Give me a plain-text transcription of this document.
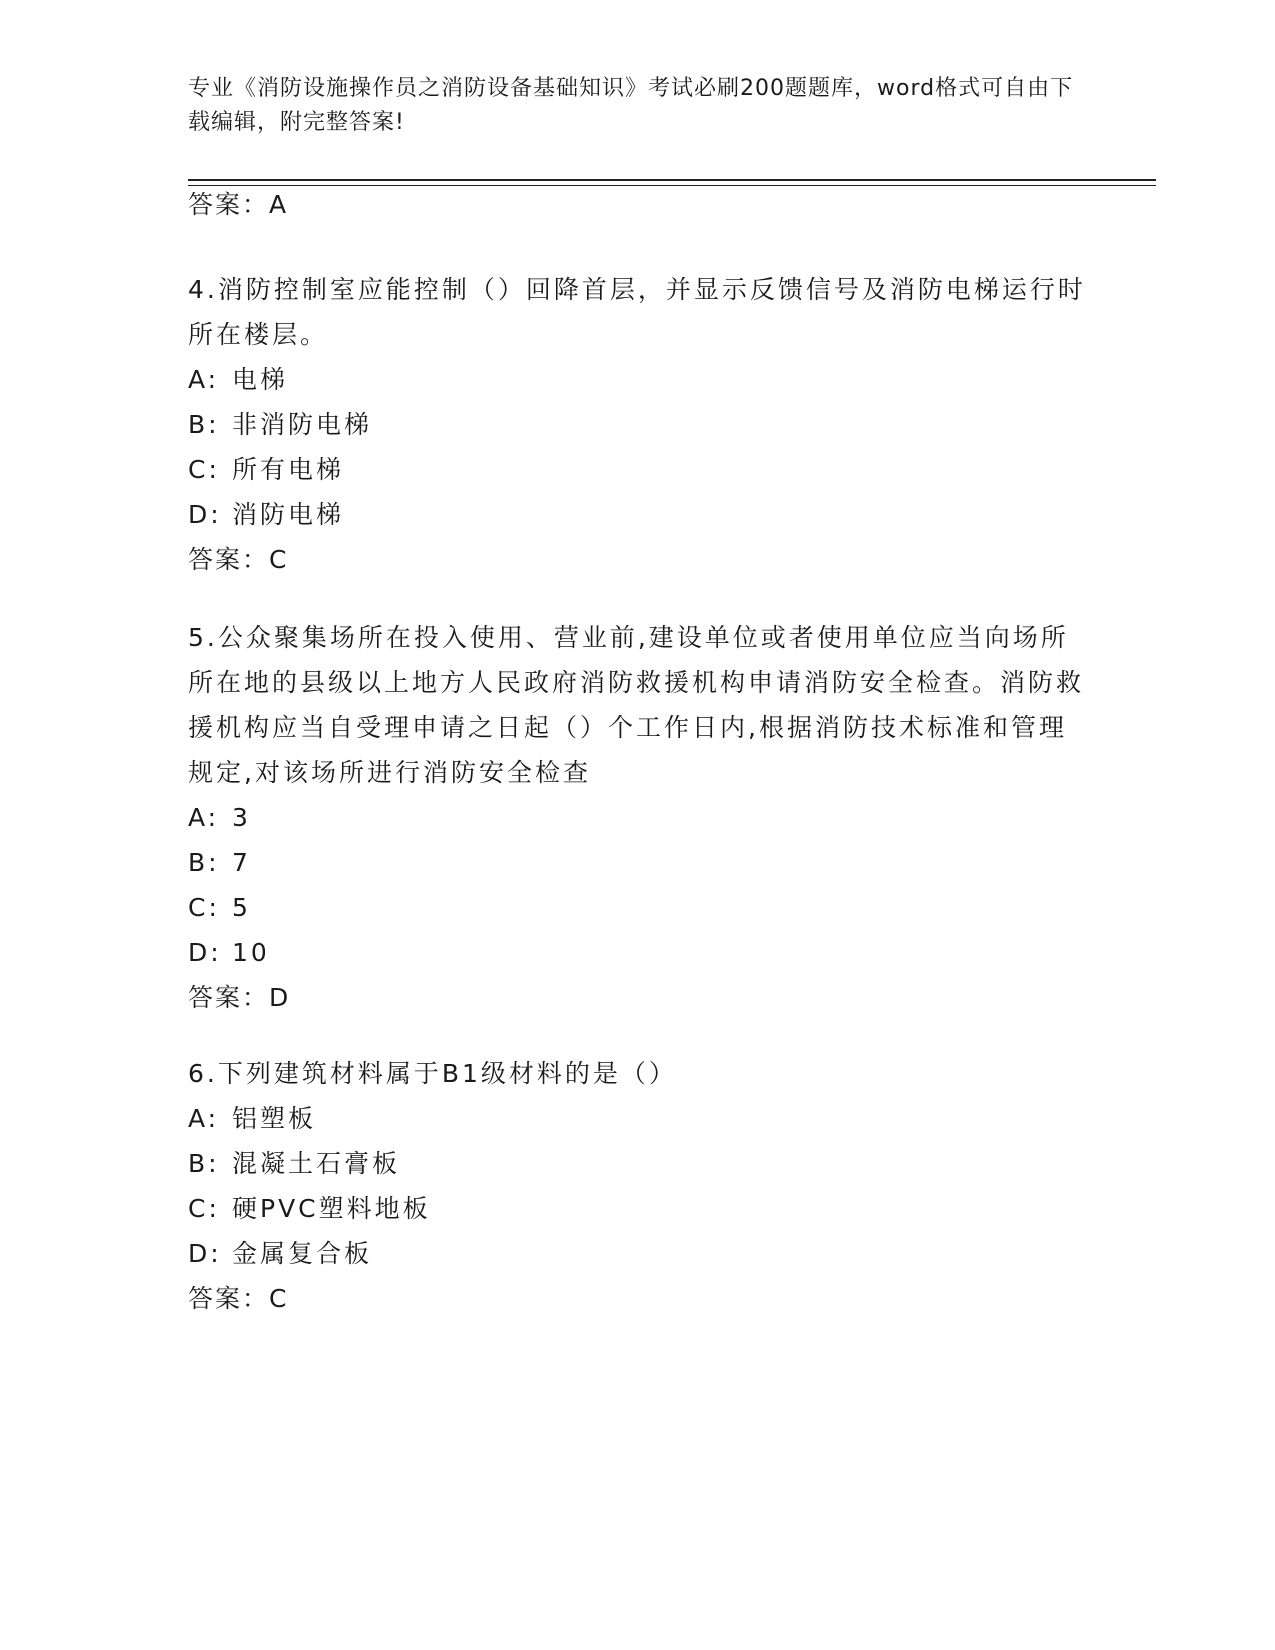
专业《消防设施操作员之消防设备基础知识》考试必刷200题题库，word格式可自由下载编辑，附完整答案!
答案：A
4.消防控制室应能控制（）回降首层，并显示反馈信号及消防电梯运行时所在楼层。
A: 电梯
B: 非消防电梯
C: 所有电梯
D: 消防电梯
答案：C
5.公众聚集场所在投入使用、营业前,建设单位或者使用单位应当向场所所在地的县级以上地方人民政府消防救援机构申请消防安全检查。消防救援机构应当自受理申请之日起（）个工作日内,根据消防技术标准和管理规定,对该场所进行消防安全检查
A: 3
B: 7
C: 5
D: 10
答案：D
6.下列建筑材料属于B1级材料的是（）
A: 铝塑板
B: 混凝土石膏板
C: 硬PVC塑料地板
D: 金属复合板
答案：C
